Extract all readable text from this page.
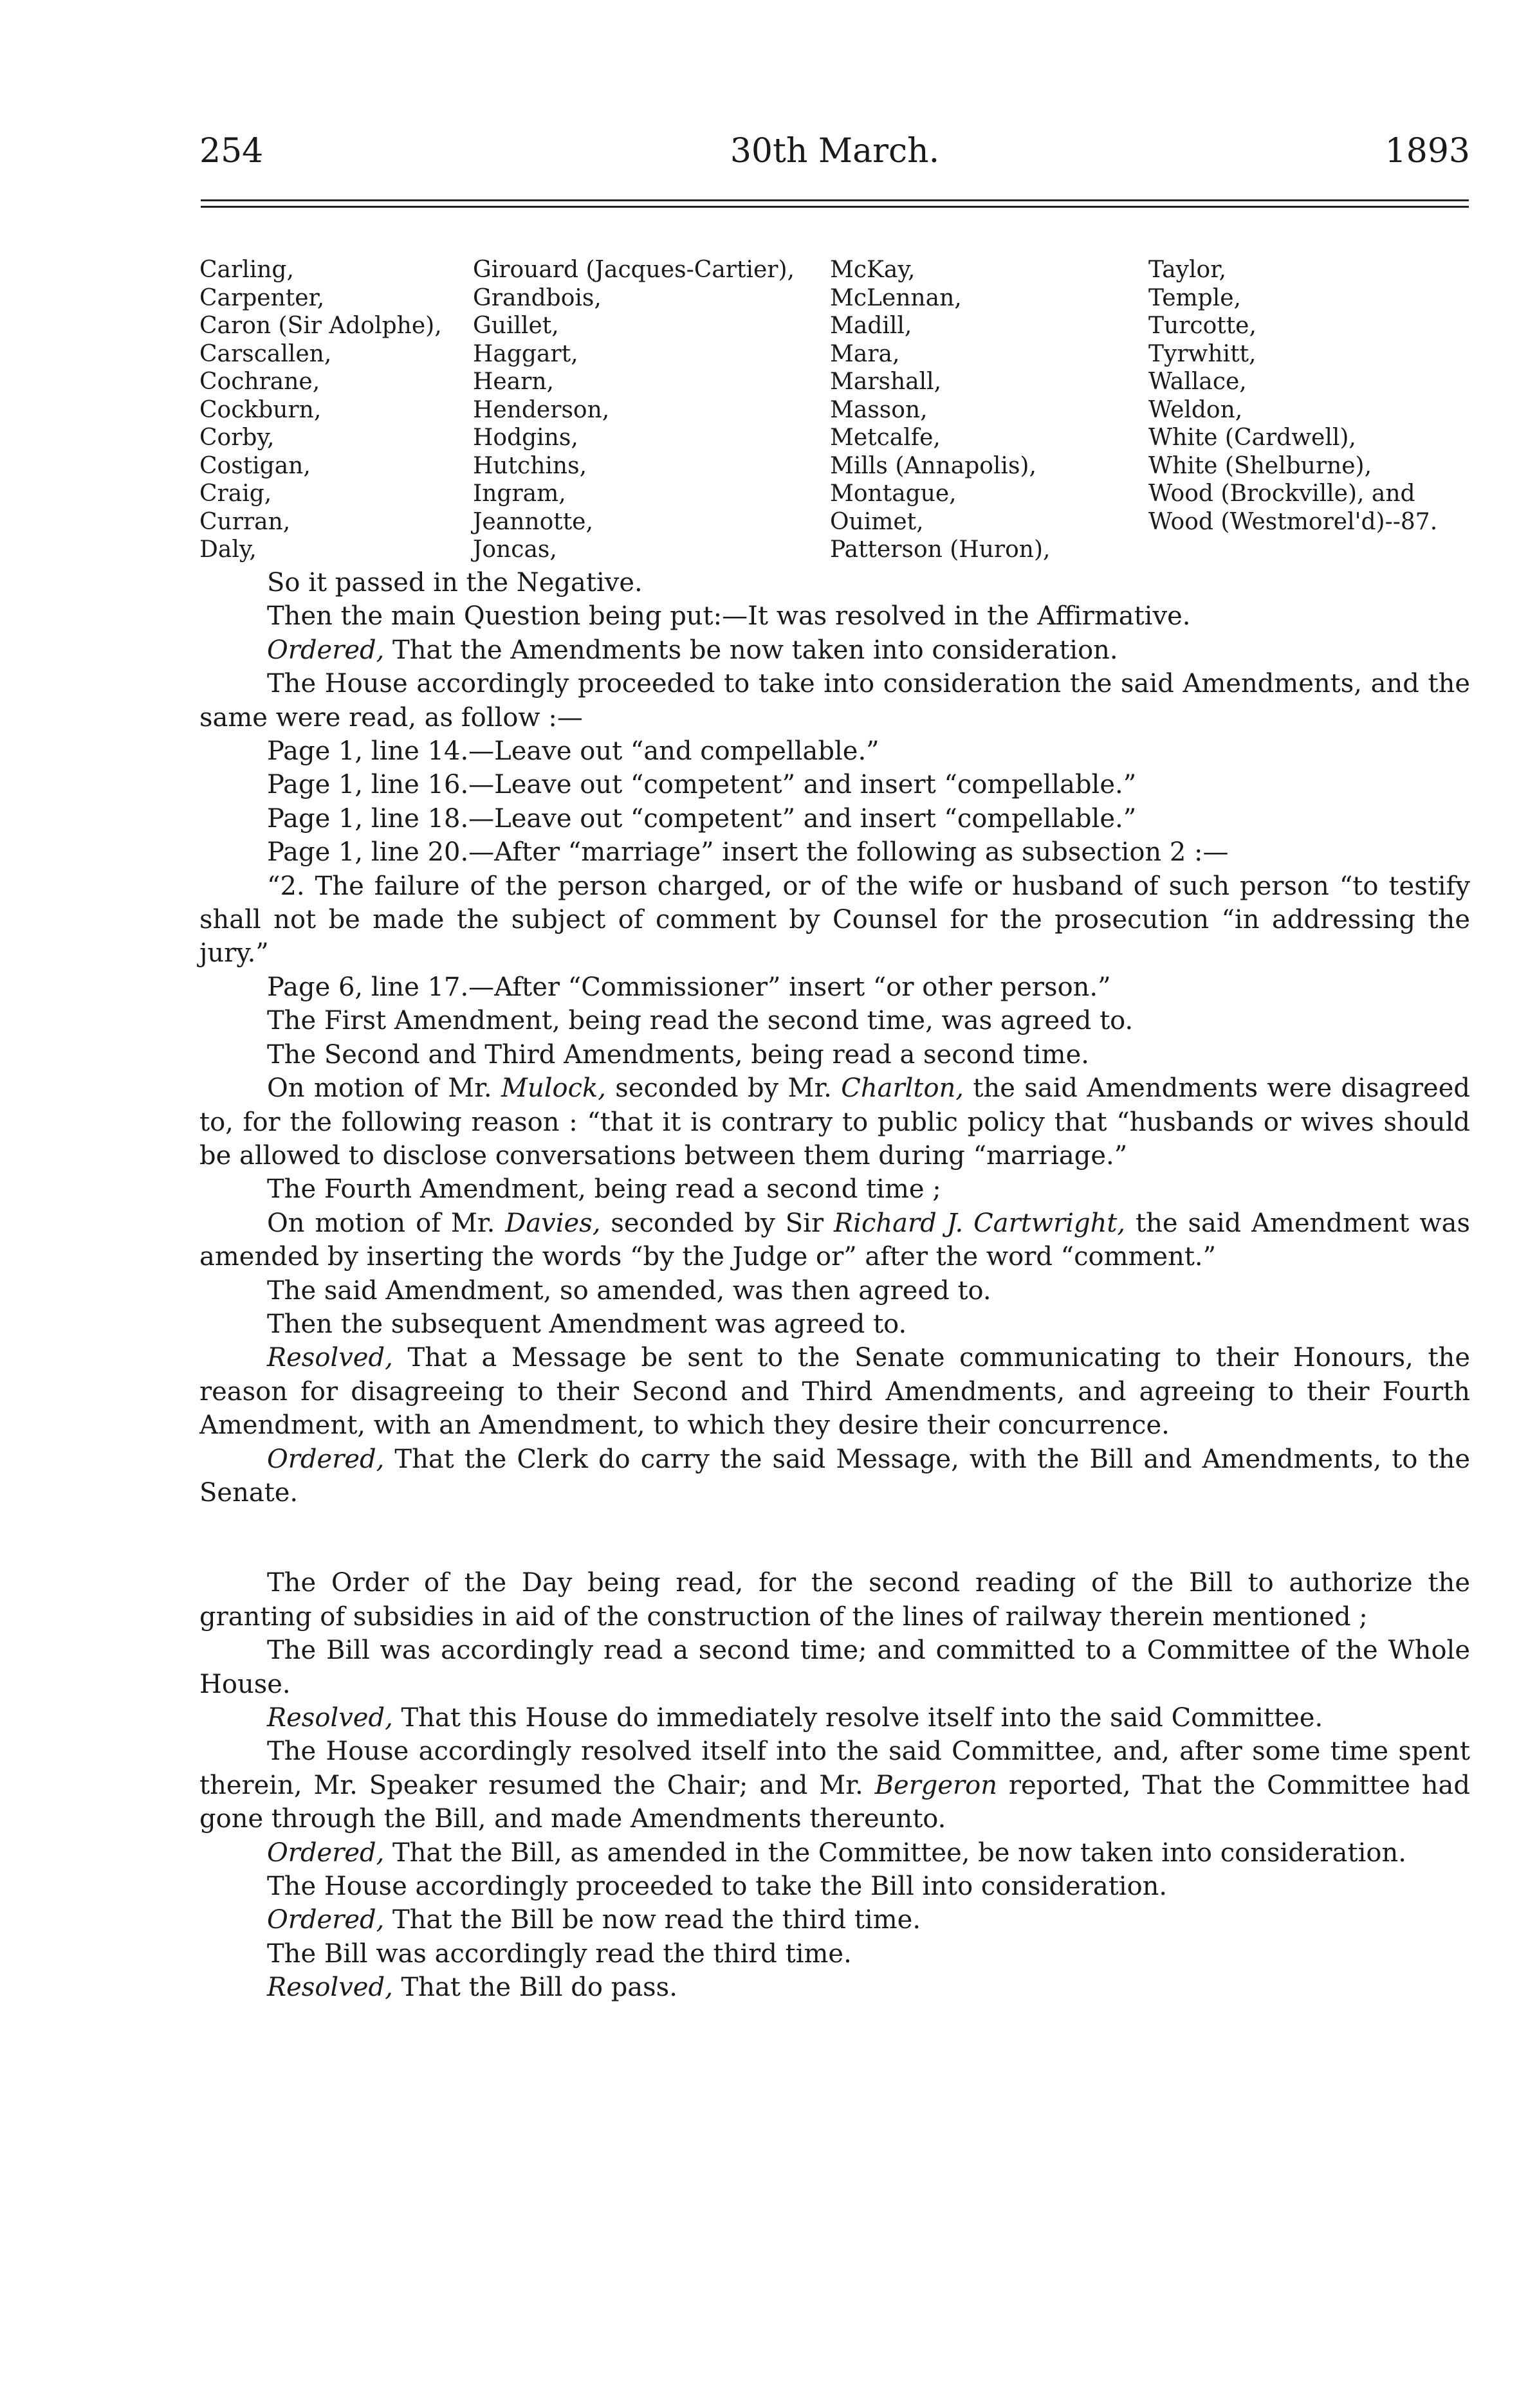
254	30th March.	1893
Carling,
Carpenter,
Caron (Sir Adolphe),
Carscallen,
Cochrane,
Cockburn,
Corby,
Costigan,
Craig,
Curran,
Daly,
Girouard (Jacques-Cartier),
Grandbois,
Guillet,
Haggart,
Hearn,
Henderson,
Hodgins,
Hutchins,
Ingram,
Jeannotte,
Joncas,
McKay,
McLennan,
Madill,
Mara,
Marshall,
Masson,
Metcalfe,
Mills (Annapolis),
Montague,
Ouimet,
Patterson (Huron),
Taylor,
Temple,
Turcotte,
Tyrwhitt,
Wallace,
Weldon,
White (Cardwell),
White (Shelburne),
Wood (Brockville), and
Wood (Westmorel'd)--87.

So it passed in the Negative.

Then the main Question being put:—It was resolved in the Affirmative.

Ordered, That the Amendments be now taken into consideration.

The House accordingly proceeded to take into consideration the said Amendments, and the same were read, as follow :—

Page 1, line 14.—Leave out “and compellable.”

Page 1, line 16.—Leave out “competent” and insert “compellable.”

Page 1, line 18.—Leave out “competent” and insert “compellable.”

Page 1, line 20.—After “marriage” insert the following as subsection 2 :—

“2. The failure of the person charged, or of the wife or husband of such person “to testify shall not be made the subject of comment by Counsel for the prosecution “in addressing the jury.”

Page 6, line 17.—After “Commissioner” insert “or other person.”

The First Amendment, being read the second time, was agreed to.

The Second and Third Amendments, being read a second time.

On motion of Mr. Mulock, seconded by Mr. Charlton, the said Amendments were disagreed to, for the following reason : “that it is contrary to public policy that “husbands or wives should be allowed to disclose conversations between them during “marriage.”

The Fourth Amendment, being read a second time ;

On motion of Mr. Davies, seconded by Sir Richard J. Cartwright, the said Amendment was amended by inserting the words “by the Judge or” after the word “comment.”

The said Amendment, so amended, was then agreed to.

Then the subsequent Amendment was agreed to.

Resolved, That a Message be sent to the Senate communicating to their Honours, the reason for disagreeing to their Second and Third Amendments, and agreeing to their Fourth Amendment, with an Amendment, to which they desire their concurrence.

Ordered, That the Clerk do carry the said Message, with the Bill and Amendments, to the Senate.

The Order of the Day being read, for the second reading of the Bill to authorize the granting of subsidies in aid of the construction of the lines of railway therein mentioned ;

The Bill was accordingly read a second time; and committed to a Committee of the Whole House.

Resolved, That this House do immediately resolve itself into the said Committee.

The House accordingly resolved itself into the said Committee, and, after some time spent therein, Mr. Speaker resumed the Chair; and Mr. Bergeron reported, That the Committee had gone through the Bill, and made Amendments thereunto.

Ordered, That the Bill, as amended in the Committee, be now taken into consideration.

The House accordingly proceeded to take the Bill into consideration.

Ordered, That the Bill be now read the third time.

The Bill was accordingly read the third time.

Resolved, That the Bill do pass.
